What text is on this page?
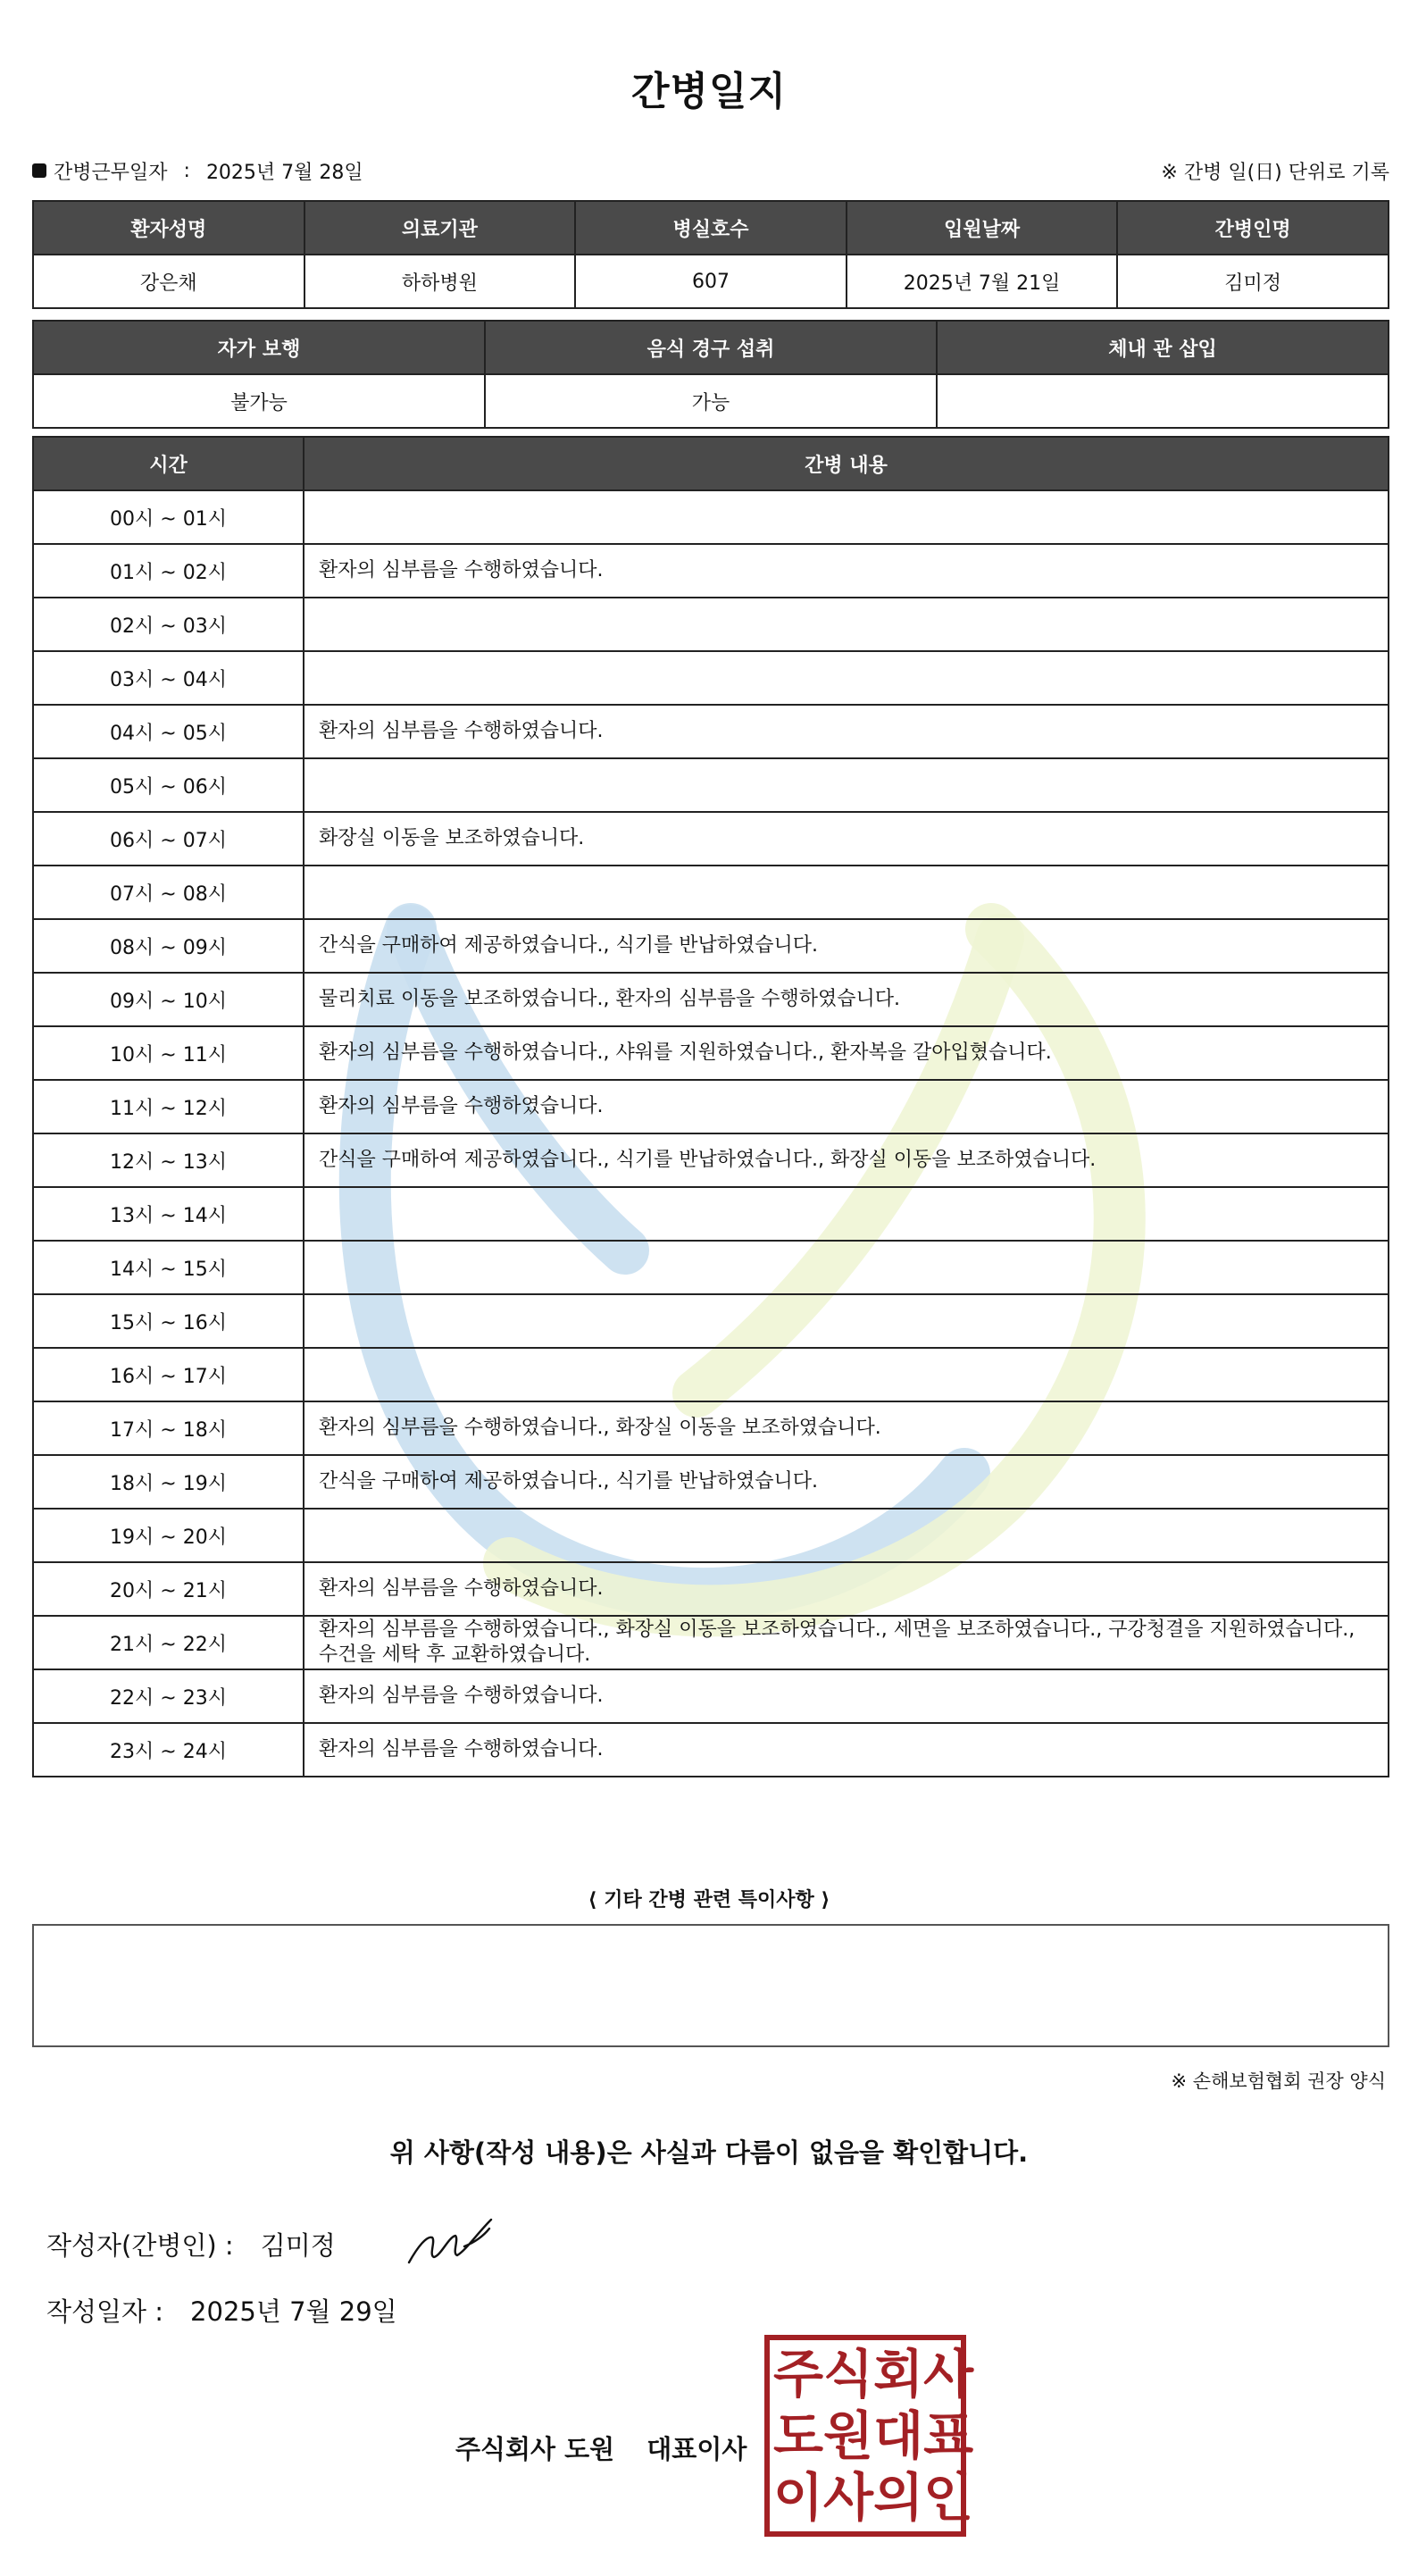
간병일지
간병근무일자 : 2025년 7월 28일	※ 간병 일(日) 단위로 기록
환자성명	의료기관	병실호수	입원날짜	간병인명
강은채	하하병원	607	2025년 7월 21일	김미정
자가 보행	음식 경구 섭취	체내 관 삽입
불가능	가능	
시간	간병 내용
00시 ~ 01시	
01시 ~ 02시	환자의 심부름을 수행하였습니다.
02시 ~ 03시	
03시 ~ 04시	
04시 ~ 05시	환자의 심부름을 수행하였습니다.
05시 ~ 06시	
06시 ~ 07시	화장실 이동을 보조하였습니다.
07시 ~ 08시	
08시 ~ 09시	간식을 구매하여 제공하였습니다., 식기를 반납하였습니다.
09시 ~ 10시	물리치료 이동을 보조하였습니다., 환자의 심부름을 수행하였습니다.
10시 ~ 11시	환자의 심부름을 수행하였습니다., 샤워를 지원하였습니다., 환자복을 갈아입혔습니다.
11시 ~ 12시	환자의 심부름을 수행하였습니다.
12시 ~ 13시	간식을 구매하여 제공하였습니다., 식기를 반납하였습니다., 화장실 이동을 보조하였습니다.
13시 ~ 14시	
14시 ~ 15시	
15시 ~ 16시	
16시 ~ 17시	
17시 ~ 18시	환자의 심부름을 수행하였습니다., 화장실 이동을 보조하였습니다.
18시 ~ 19시	간식을 구매하여 제공하였습니다., 식기를 반납하였습니다.
19시 ~ 20시	
20시 ~ 21시	환자의 심부름을 수행하였습니다.
21시 ~ 22시	환자의 심부름을 수행하였습니다., 화장실 이동을 보조하였습니다., 세면을 보조하였습니다., 구강청결을 지원하였습니다., 수건을 세탁 후 교환하였습니다.
22시 ~ 23시	환자의 심부름을 수행하였습니다.
23시 ~ 24시	환자의 심부름을 수행하였습니다.
⟨ 기타 간병 관련 특이사항 ⟩
※ 손해보험협회 권장 양식
위 사항(작성 내용)은 사실과 다름이 없음을 확인합니다.
작성자(간병인) : 김미정
작성일자 : 2025년 7월 29일
주식회사 도원 대표이사
주 식 회 사
도 원 대 표
이 사 의 인
